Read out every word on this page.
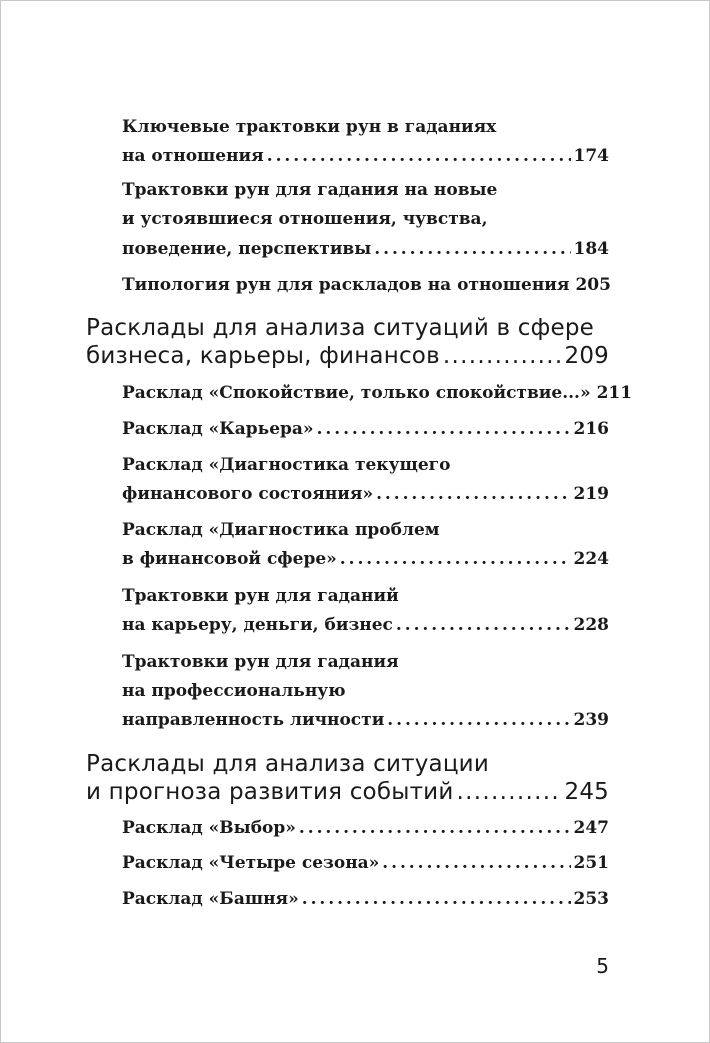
Ключевые трактовки рун в гаданиях
на отношения . . .	174
Трактовки рун для гадания на новые
и устоявшиеся отношения, чувства,
поведение, перспективы . . .	184
Типология рун для раскладов на отношения 205
Расклады для анализа ситуаций в сфере
бизнеса, карьеры, финансов . . .	209
Расклад «Спокойствие, только спокойствие...» 211
Расклад «Карьера» . . .	216
Расклад «Диагностика текущего
финансового состояния» . . .	219
Расклад «Диагностика проблем
в финансовой сфере» . . .	224
Трактовки рун для гаданий
на карьеру, деньги, бизнес . . .	228
Трактовки рун для гадания
на профессиональную
направленность личности . . .	239
Расклады для анализа ситуации
и прогноза развития событий . . .	245
Расклад «Выбор» . . .	247
Расклад «Четыре сезона» . . .	251
Расклад «Башня» . . .	253
5
